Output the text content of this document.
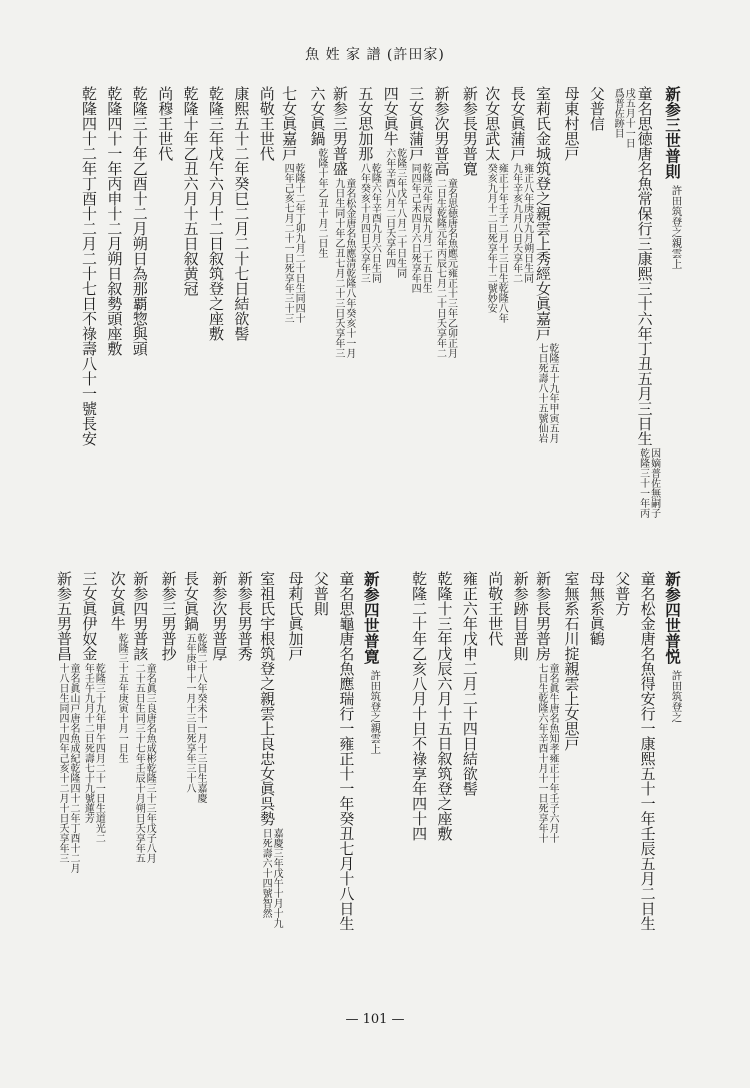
魚 姓 家 譜 (許田家)
新参三世普則許田筑登之親雲上
童名思徳唐名魚常保行三康熙三十六年丁丑五月三日生
因嫡普佐無嗣子
乾隆三十一年丙
戌五月十一日
爲普佐跡目
父普信
母東村思戸
室莉氏金城筑登之親雲上秀經女眞嘉戸
乾隆五十九年甲寅五月
七日死壽八十五號仙岩
長女眞蒲戸
雍正八年庚戌九月朔日生同
九年辛亥九月八日夭享年二
次女思武太
雍正十年壬子二月十三日生乾隆八年
癸亥九月十二日死享年十二號妙安
新参長男普寛
新参次男普高
童名思徳唐名魚應元雍正十三年乙卯正月
二日生乾隆元年丙辰七月二十日夭享年二
三女眞蒲戸
乾隆元年丙辰九月二十五日生
同四年己未四月六日死享年四
四女眞牛
乾隆三年戊午八月二十日生同
六年辛酉八月二日夭享年四
五女思加那
乾隆六年辛酉九月六日生同
八年癸亥十月四日夭享年三
新参三男普盛
童名松金唐名魚應清乾隆八年癸亥十一月
九日生同十年乙丑七月二十三日夭享年三
六女眞鍋
乾隆十年乙丑十月二日生
七女眞嘉戸
乾隆十二年丁卯九月二十日生同四十
四年己亥七月二十一日死享年三十三
尚敬王世代
康熙五十二年癸巳二月二十七日結欲髻
乾隆三年戊午六月十二日叙筑登之座敷
乾隆十年乙丑六月十五日叙黄冠
尚穆王世代
乾隆三十年乙酉十二月朔日為那覇惣與頭
乾隆四十一年丙申十二月朔日叙勢頭座敷
乾隆四十二年丁酉十二月二十七日不祿壽八十一號長安
新参四世普悦許田筑登之
童名松金唐名魚得安行一康熙五十一年壬辰五月二日生
父普方
母無系眞鶴
室無系石川掟親雲上女思戸
新参長男普房
童名眞牛唐名魚知孝雍正十年壬子六月十
七日生乾隆六年辛酉十月十一日死享年十
新参跡目普則
尚敬王世代
雍正六年戊申二月二十四日結欲髻
乾隆十三年戊辰六月十五日叙筑登之座敷
乾隆二十年乙亥八月十日不祿享年四十四
新参四世普寛許田筑登之親雲上
童名思龜唐名魚應瑞行一雍正十一年癸丑七月十八日生
父普則
母莉氏眞加戸
室祖氏宇根筑登之親雲上良忠女眞呉勢
嘉慶三年戊午十月十九
日死壽六十四號智然
新参長男普秀
新参次男普厚
長女眞鍋
乾隆二十八年癸未十一月十三日生嘉慶
五年庚申十一月十三日死享年三十八
新参三男普抄
新参四男普該
童名眞三良唐名魚成彬乾隆三十三年戊子八月
二十五日生同三十七年壬辰十月朔日夭享年五
次女眞牛
乾隆三十五年庚寅十月一日生
三女眞伊奴金
乾隆三十九年甲午四月二十一日生道光二
年壬午九月十二日死壽七十九號蓮芳
新参五男普昌
童名眞山戸唐名魚成紀乾隆四十二年丁酉十二月
十八日生同四十四年己亥十二月十日夭享年三
— 101 —
